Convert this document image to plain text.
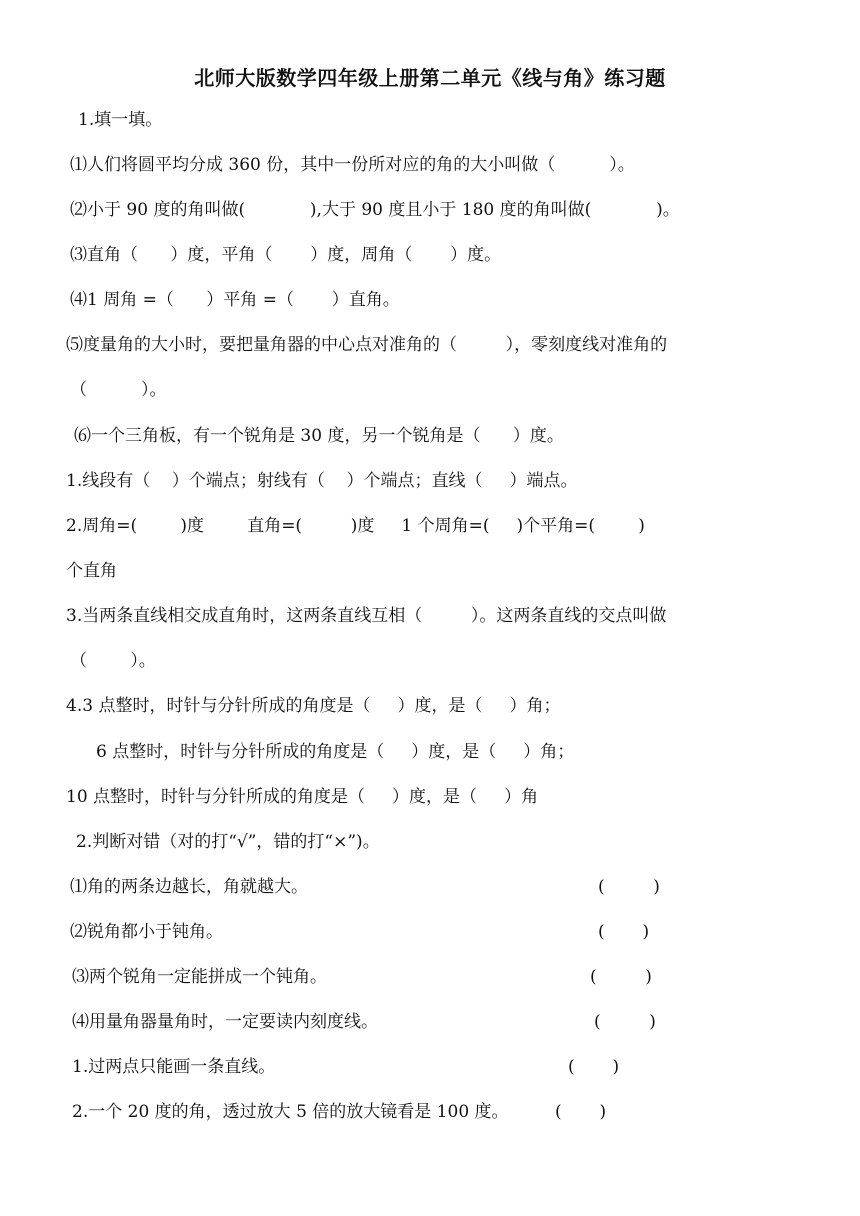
北师大版数学四年级上册第二单元《线与角》练习题
1.填一填。
⑴人们将圆平均分成 360 份，其中一份所对应的角的大小叫做（          ）。
⑵小于 90 度的角叫做(            ),大于 90 度且小于 180 度的角叫做(            )。
⑶直角（      ）度，平角（       ）度，周角（       ）度。
⑷1 周角 =（      ）平角 =（       ）直角。
⑸度量角的大小时，要把量角器的中心点对准角的（         ），零刻度线对准角的
（          ）。
⑹一个三角板，有一个锐角是 30 度，另一个锐角是（      ）度。
1.线段有（    ）个端点；射线有（    ）个端点；直线（     ）端点。
2.周角=(        )度        直角=(         )度     1 个周角=(     )个平角=(        )
个直角
3.当两条直线相交成直角时，这两条直线互相（         ）。这两条直线的交点叫做
（        ）。
4.3 点整时，时针与分针所成的角度是（     ）度，是（     ）角；
6 点整时，时针与分针所成的角度是（     ）度，是（     ）角；
10 点整时，时针与分针所成的角度是（     ）度，是（     ）角
2.判断对错（对的打“√”，错的打“×”)。
⑴角的两条边越长，角就越大。	(         )
⑵锐角都小于钝角。	(       )
⑶两个锐角一定能拼成一个钝角。	(         )
⑷用量角器量角时，一定要读内刻度线。	(         )
1.过两点只能画一条直线。	(       )
2.一个 20 度的角，透过放大 5 倍的放大镜看是 100 度。	(       )
